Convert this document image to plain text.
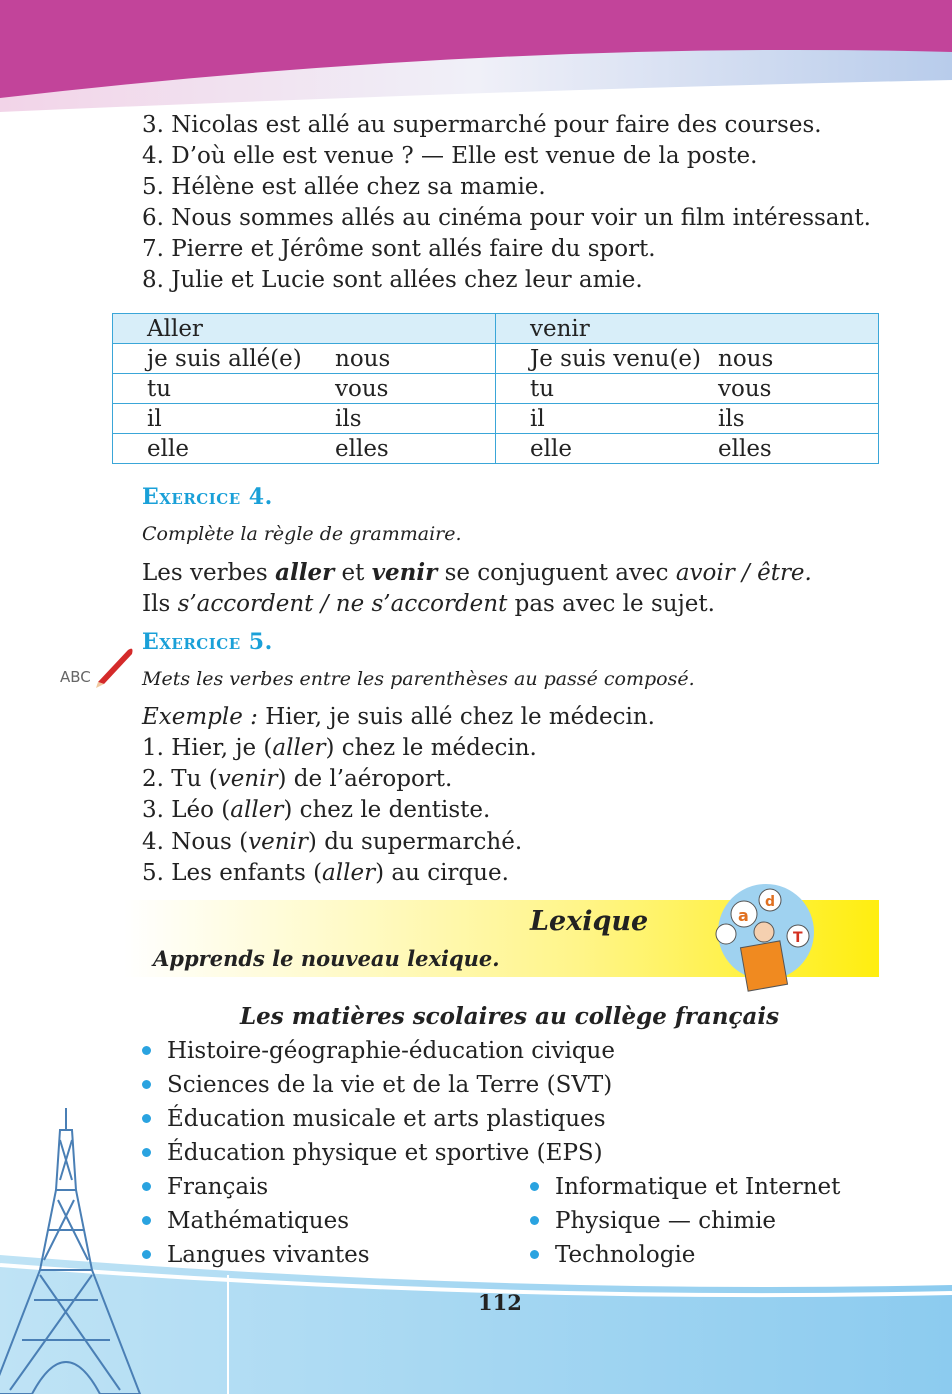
3. Nicolas est allé au supermarché pour faire des courses.
4. D’où elle est venue ? — Elle est venue de la poste.
5. Hélène est allée chez sa mamie.
6. Nous sommes allés au cinéma pour voir un film intéressant.
7. Pierre et Jérôme sont allés faire du sport.
8. Julie et Lucie sont allées chez leur amie.
Aller	venir

je suis allé(e) nous	Je suis venu(e) nous

tu vous	tu vous

il ils	il ils

elle elles	elle elles
Exercice 4.
Complète la règle de grammaire.
Les verbes aller et venir se conjuguent avec avoir / être.
Ils s’accordent / ne s’accordent pas avec le sujet.
ABC
Exercice 5.
Mets les verbes entre les parenthèses au passé composé.
Exemple : Hier, je suis allé chez le médecin.
1. Hier, je (aller) chez le médecin.
2. Tu (venir) de l’aéroport.
3. Léo (aller) chez le dentiste.
4. Nous (venir) du supermarché.
5. Les enfants (aller) au cirque.
Lexique
Apprends le nouveau lexique.
a
d
T
Les matières scolaires au collège français
Histoire-géographie-éducation civique
Sciences de la vie et de la Terre (SVT)
Éducation musicale et arts plastiques
Éducation physique et sportive (EPS)
Français
Mathématiques
Langues vivantes
Informatique et Internet
Physique — chimie
Technologie
112
